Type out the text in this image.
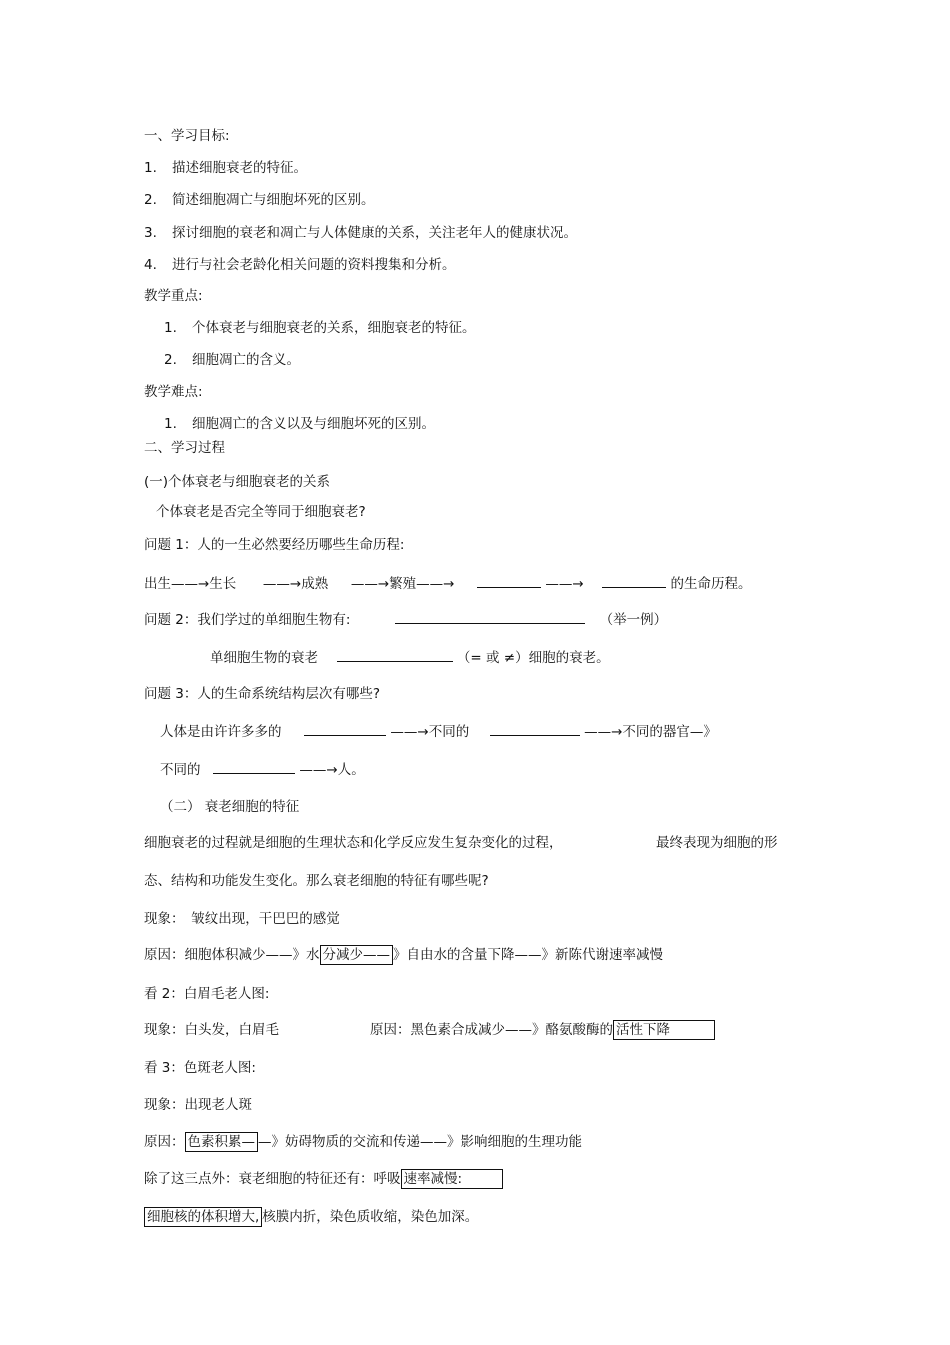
一、学习目标:
1. 描述细胞衰老的特征。
2. 简述细胞凋亡与细胞坏死的区别。
3. 探讨细胞的衰老和凋亡与人体健康的关系，关注老年人的健康状况。
4. 进行与社会老龄化相关问题的资料搜集和分析。
教学重点:
1. 个体衰老与细胞衰老的关系，细胞衰老的特征。
2. 细胞凋亡的含义。
教学难点:
1. 细胞凋亡的含义以及与细胞坏死的区别。
二、学习过程
(一)个体衰老与细胞衰老的关系
个体衰老是否完全等同于细胞衰老?
问题 1：人的一生必然要经历哪些生命历程:
出生——→生长 ——→成熟 ——→繁殖——→	——→	的生命历程。
问题 2：我们学过的单细胞生物有:	（举一例）
单细胞生物的衰老	（= 或 ≠）细胞的衰老。
问题 3：人的生命系统结构层次有哪些?
人体是由许许多多的	——→不同的	——→不同的器官—》
不同的	——→人。
（二） 衰老细胞的特征
细胞衰老的过程就是细胞的生理状态和化学反应发生复杂变化的过程，	最终表现为细胞的形
态、结构和功能发生变化。那么衰老细胞的特征有哪些呢?
现象：　皱纹出现，干巴巴的感觉
原因：细胞体积减少——》水 分减少—— 》自由水的含量下降——》新陈代谢速率减慢
看 2：白眉毛老人图:
现象：白头发，白眉毛	原因：黑色素合成减少——》酪氨酸酶的 活性下降
看 3：色斑老人图:
现象：出现老人斑
原因： 色素积累— —》妨碍物质的交流和传递——》影响细胞的生理功能
除了这三点外：衰老细胞的特征还有：呼吸 速率减慢:
细胞核的体积增大, 核膜内折，染色质收缩，染色加深。
